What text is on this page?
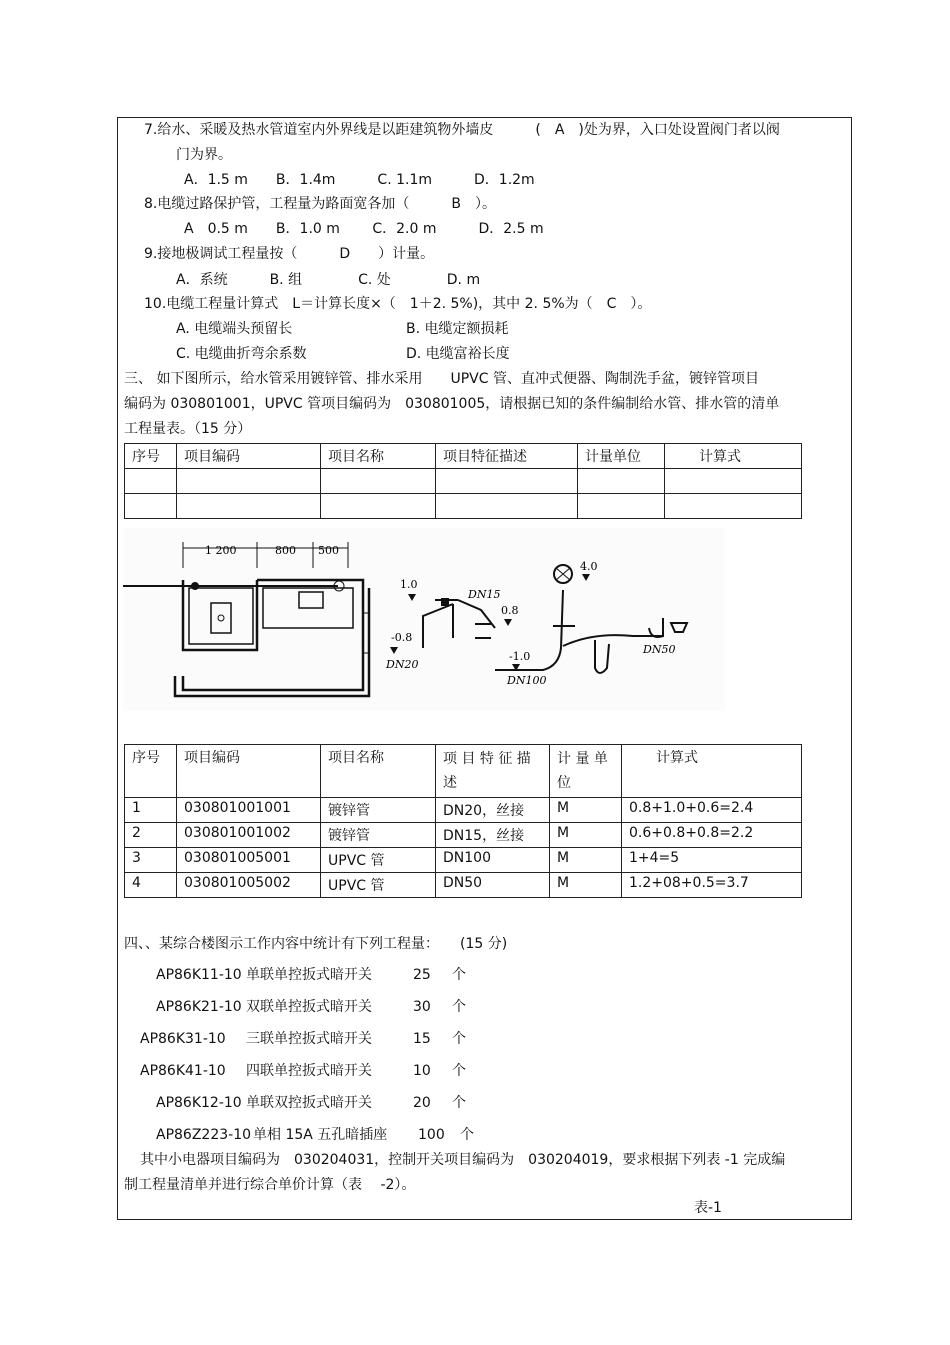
7.给水、采暖及热水管道室内外界线是以距建筑物外墙皮　　　(　A　)处为界，入口处设置阀门者以阀
门为界。
A．1.5 m　　B．1.4m　　　C. 1.1m　　　D．1.2m
8.电缆过路保护管，工程量为路面宽各加（　　　B　）。
A　0.5 m　　B．1.0 m　　 C．2.0 m　　　D．2.5 m
9.接地极调试工程量按（　　　D　　）计量。
A．系统　　　B. 组　　　　C. 处　　　　D. m
10.电缆工程量计算式　L＝计算长度×（　1＋2. 5%)，其中 2. 5%为（　C　）。
A. 电缆端头预留长	B. 电缆定额损耗
C. 电缆曲折弯余系数	D. 电缆富裕长度
三、 如下图所示，给水管采用镀锌管、排水采用　　UPVC 管、直冲式便器、陶制洗手盆，镀锌管项目
编码为 030801001，UPVC 管项目编码为　030801005，请根据已知的条件编制给水管、排水管的清单
工程量表。（15 分）
序号	项目编码	项目名称	项目特征描述	计量单位	计算式

1 200	800 500
1.0
-0.8
DN20
DN15
0.8
4.0
-1.0
DN100
DN50
序号	项目编码	项目名称	项 目 特 征 描
述	计 量 单
位	计算式
1	030801001001	镀锌管	DN20，丝接	M	0.8+1.0+0.6=2.4
2	030801001002	镀锌管	DN15，丝接	M	0.6+0.8+0.8=2.2
3	030801005001	UPVC 管	DN100	M	1+4=5
4	030801005002	UPVC 管	DN50	M	1.2+08+0.5=3.7
四、、某综合楼图示工作内容中统计有下列工程量：　　(15 分)
AP86K11-10 单联单控扳式暗开关	25 个
AP86K21-10 双联单控扳式暗开关	30 个
AP86K31-10 三联单控扳式暗开关	15 个
AP86K41-10 四联单控扳式暗开关	10 个
AP86K12-10 单联双控扳式暗开关	20 个
AP86Z223-10 单相 15A 五孔暗插座 100 个
其中小电器项目编码为　030204031，控制开关项目编码为　030204019，要求根据下列表 -1 完成编
制工程量清单并进行综合单价计算（表　 -2）。
表-1
